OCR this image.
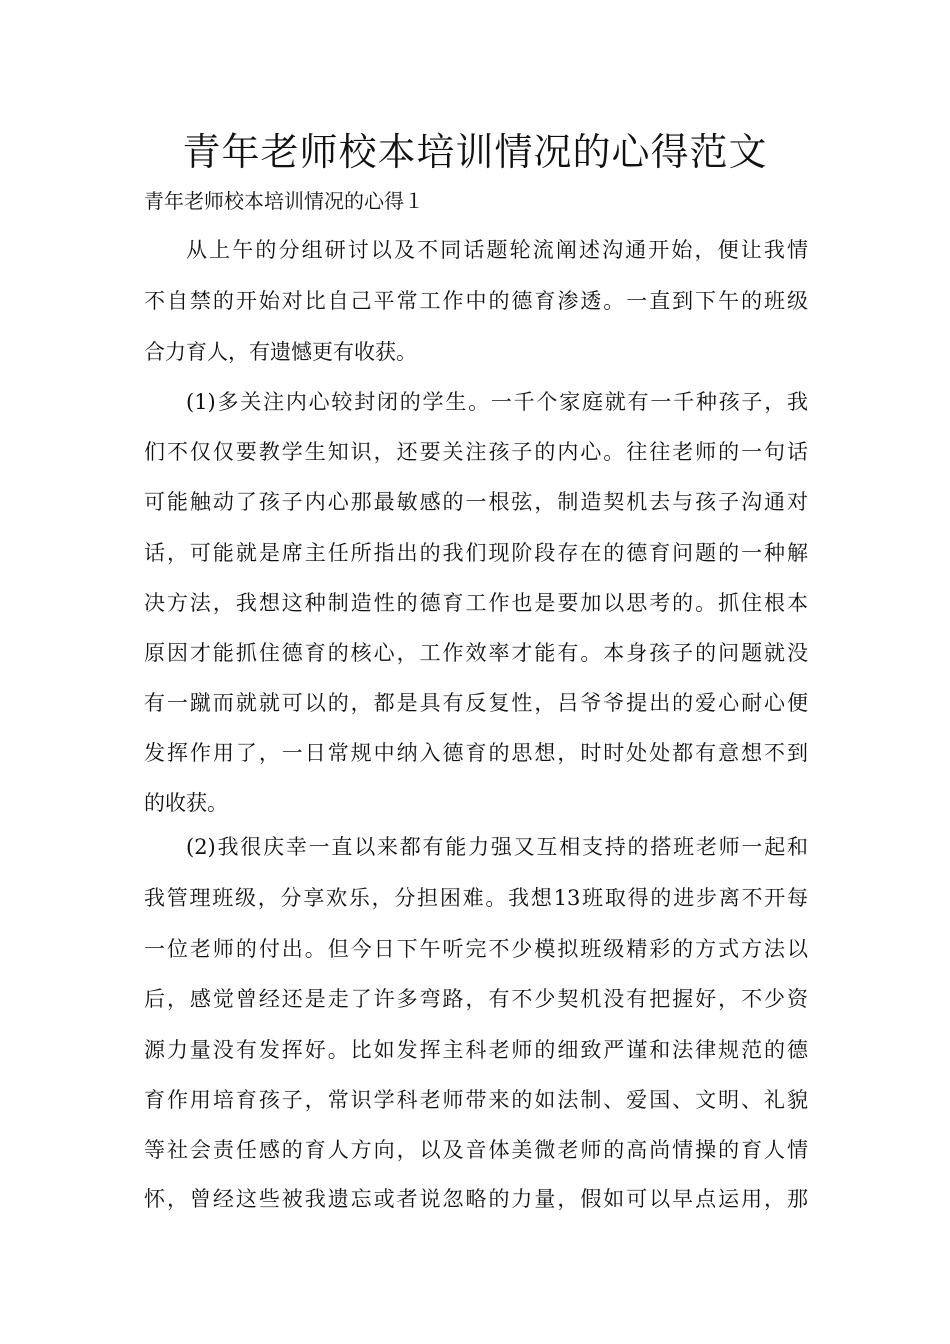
青年老师校本培训情况的心得范文
青年老师校本培训情况的心得１
从上午的分组研讨以及不同话题轮流阐述沟通开始，便让我情
不自禁的开始对比自己平常工作中的德育渗透。一直到下午的班级
合力育人，有遗憾更有收获。
(1)多关注内心较封闭的学生。一千个家庭就有一千种孩子，我
们不仅仅要教学生知识，还要关注孩子的内心。往往老师的一句话
可能触动了孩子内心那最敏感的一根弦，制造契机去与孩子沟通对
话，可能就是席主任所指出的我们现阶段存在的德育问题的一种解
决方法，我想这种制造性的德育工作也是要加以思考的。抓住根本
原因才能抓住德育的核心，工作效率才能有。本身孩子的问题就没
有一蹴而就就可以的，都是具有反复性，吕爷爷提出的爱心耐心便
发挥作用了，一日常规中纳入德育的思想，时时处处都有意想不到
的收获。
(2)我很庆幸一直以来都有能力强又互相支持的搭班老师一起和
我管理班级，分享欢乐，分担困难。我想13班取得的进步离不开每
一位老师的付出。但今日下午听完不少模拟班级精彩的方式方法以
后，感觉曾经还是走了许多弯路，有不少契机没有把握好，不少资
源力量没有发挥好。比如发挥主科老师的细致严谨和法律规范的德
育作用培育孩子，常识学科老师带来的如法制、爱国、文明、礼貌
等社会责任感的育人方向，以及音体美微老师的高尚情操的育人情
怀，曾经这些被我遗忘或者说忽略的力量，假如可以早点运用，那
